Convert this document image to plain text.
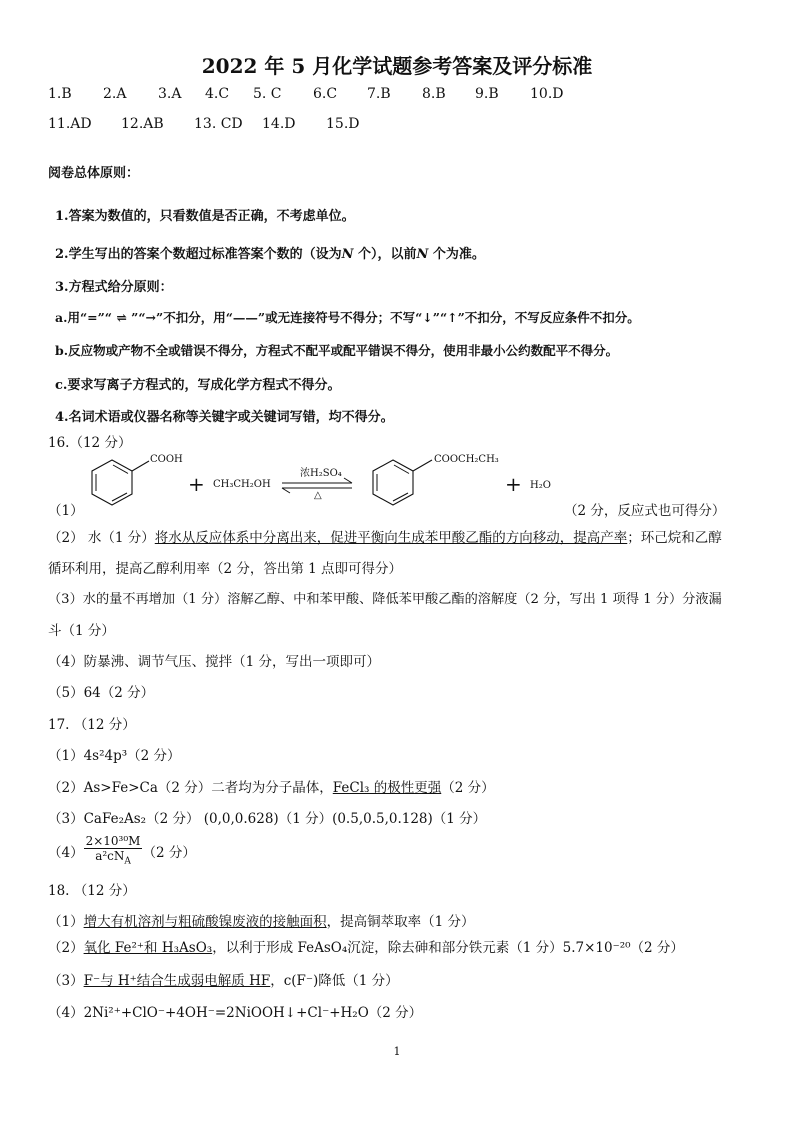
2022 年 5 月化学试题参考答案及评分标准
1.B 2.A 3.A 4.C 5. C 6.C 7.B 8.B 9.B 10.D
11.AD 12.AB 13. CD 14.D 15.D
阅卷总体原则：
1.答案为数值的，只看数值是否正确，不考虑单位。
2.学生写出的答案个数超过标准答案个数的（设为N 个），以前N 个为准。
3.方程式给分原则：
a.用“=”“ ⇌ ”“→”不扣分，用“——”或无连接符号不得分；不写“↓”“↑”不扣分，不写反应条件不扣分。
b.反应物或产物不全或错误不得分，方程式不配平或配平错误不得分，使用非最小公约数配平不得分。
c.要求写离子方程式的，写成化学方程式不得分。
4.名词术语或仪器名称等关键字或关键词写错，均不得分。
16.（12 分）
（1）
COOH
+ CH₃CH₂OH
浓H₂SO₄
△
COOCH₂CH₃
+ H₂O
（2 分，反应式也可得分）
（2） 水（1 分）将水从反应体系中分离出来，促进平衡向生成苯甲酸乙酯的方向移动，提高产率；环己烷和乙醇
循环利用，提高乙醇利用率（2 分，答出第 1 点即可得分）
（3）水的量不再增加（1 分）溶解乙醇、中和苯甲酸、降低苯甲酸乙酯的溶解度（2 分，写出 1 项得 1 分）分液漏
斗（1 分）
（4）防暴沸、调节气压、搅拌（1 分，写出一项即可）
（5）64（2 分）
17. （12 分）
（1）4s²4p³（2 分）
（2）As>Fe>Ca（2 分）二者均为分子晶体，FeCl₃ 的极性更强（2 分）
（3）CaFe₂As₂（2 分） (0,0,0.628)（1 分）(0.5,0.5,0.128)（1 分）
$(4) \frac{\text{2×10³⁰M}}{a^2cN_A} (2$ 分）
18. （12 分）
（1）增大有机溶剂与粗硫酸镍废液的接触面积，提高铜萃取率（1 分）
（2）氧化 Fe²⁺和 H₃AsO₃，以利于形成 FeAsO₄沉淀，除去砷和部分铁元素（1 分）5.7×10⁻²⁰（2 分）
（3）F⁻与 H⁺结合生成弱电解质 HF，c(F⁻)降低（1 分）
（4）2Ni²⁺+ClO⁻+4OH⁻=2NiOOH↓+Cl⁻+H₂O（2 分）
1
